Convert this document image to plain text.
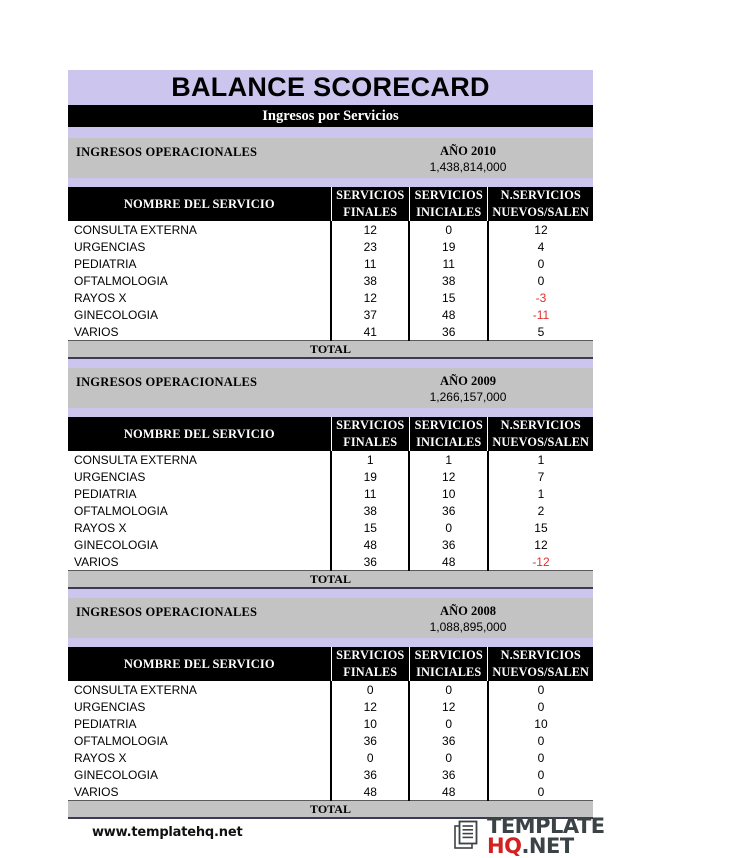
BALANCE SCORECARD
Ingresos por Servicios
INGRESOS OPERACIONALES	AÑO 2010
1,438,814,000
NOMBRE DEL SERVICIO	SERVICIOS	SERVICIOS	N.SERVICIOS
	FINALES	INICIALES	NUEVOS/SALEN
CONSULTA EXTERNA	12	0	12
URGENCIAS	23	19	4
PEDIATRIA	11	11	0
OFTALMOLOGIA	38	38	0
RAYOS X	12	15	-3
GINECOLOGIA	37	48	-11
VARIOS	41	36	5
TOTAL
INGRESOS OPERACIONALES	AÑO 2009
1,266,157,000
NOMBRE DEL SERVICIO	SERVICIOS	SERVICIOS	N.SERVICIOS
	FINALES	INICIALES	NUEVOS/SALEN
CONSULTA EXTERNA	1	1	1
URGENCIAS	19	12	7
PEDIATRIA	11	10	1
OFTALMOLOGIA	38	36	2
RAYOS X	15	0	15
GINECOLOGIA	48	36	12
VARIOS	36	48	-12
TOTAL
INGRESOS OPERACIONALES	AÑO 2008
1,088,895,000
NOMBRE DEL SERVICIO	SERVICIOS	SERVICIOS	N.SERVICIOS
	FINALES	INICIALES	NUEVOS/SALEN
CONSULTA EXTERNA	0	0	0
URGENCIAS	12	12	0
PEDIATRIA	10	0	10
OFTALMOLOGIA	36	36	0
RAYOS X	0	0	0
GINECOLOGIA	36	36	0
VARIOS	48	48	0
TOTAL
www.templatehq.net	TEMPLATE
HQ.NET
